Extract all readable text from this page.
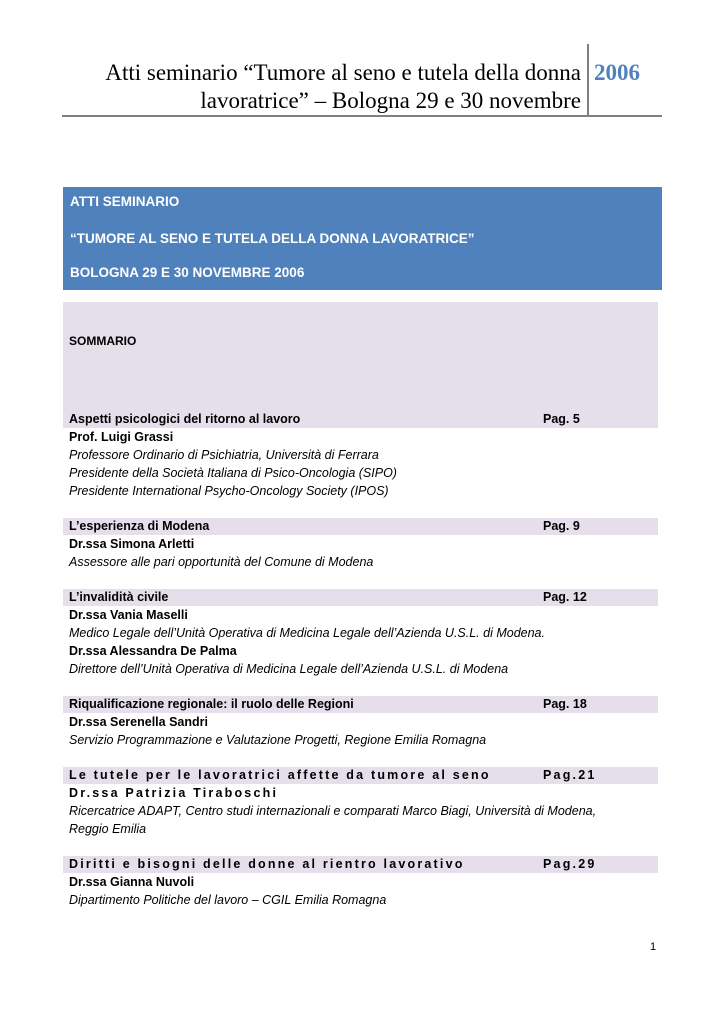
Atti seminario “Tumore al seno e tutela della donna
lavoratrice” – Bologna 29 e 30 novembre
2006
ATTI SEMINARIO
“TUMORE AL SENO E TUTELA DELLA DONNA LAVORATRICE”
BOLOGNA 29 E 30 NOVEMBRE 2006
SOMMARIO
Aspetti psicologici del ritorno al lavoro	Pag. 5
Prof. Luigi Grassi
Professore Ordinario di Psichiatria, Università di Ferrara
Presidente della Società Italiana di Psico-Oncologia (SIPO)
Presidente International Psycho-Oncology Society (IPOS)
L’esperienza di Modena	Pag. 9
Dr.ssa Simona Arletti
Assessore alle pari opportunità del Comune di Modena
L’invalidità civile	Pag. 12
Dr.ssa Vania Maselli
Medico Legale dell’Unità Operativa di Medicina Legale dell’Azienda U.S.L. di Modena.
Dr.ssa Alessandra De Palma
Direttore dell’Unità Operativa di Medicina Legale dell’Azienda U.S.L. di Modena
Riqualificazione regionale: il ruolo delle Regioni	Pag. 18
Dr.ssa Serenella Sandri
Servizio Programmazione e Valutazione Progetti, Regione Emilia Romagna
Le tutele per le lavoratrici affette da tumore al seno	Pag.21
Dr.ssa Patrizia Tiraboschi
Ricercatrice ADAPT, Centro studi internazionali e comparati Marco Biagi, Università di Modena,
Reggio Emilia
Diritti e bisogni delle donne al rientro lavorativo	Pag.29
Dr.ssa Gianna Nuvoli
Dipartimento Politiche del lavoro – CGIL Emilia Romagna
1
